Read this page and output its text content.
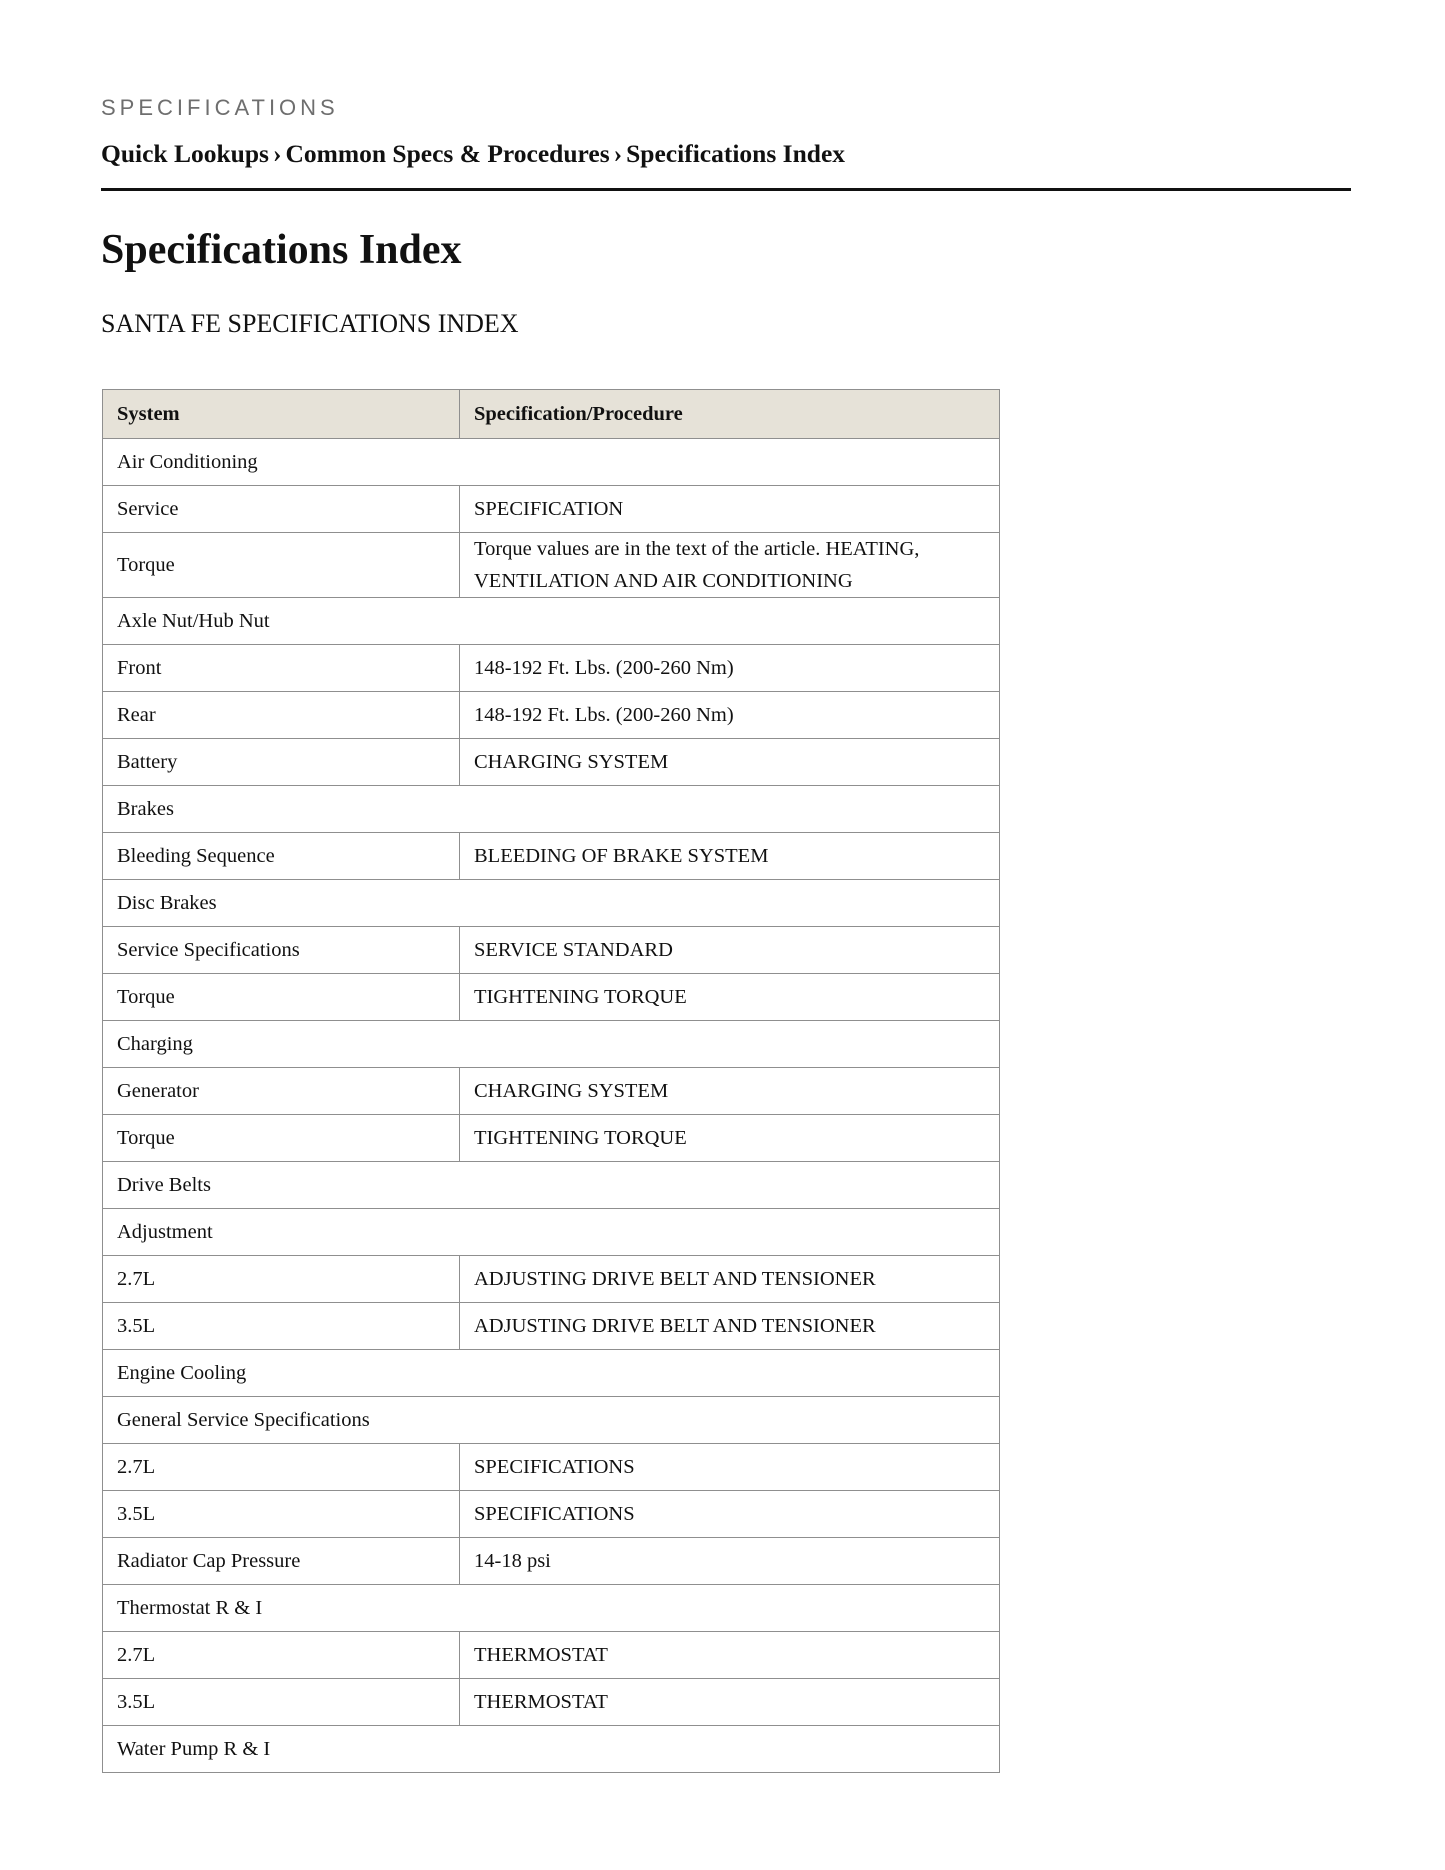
SPECIFICATIONS
Quick Lookups › Common Specs & Procedures › Specifications Index
Specifications Index
SANTA FE SPECIFICATIONS INDEX
System	Specification/Procedure
Air Conditioning	
Service	SPECIFICATION
Torque	Torque values are in the text of the article. HEATING, VENTILATION AND AIR CONDITIONING
Axle Nut/Hub Nut	
Front	148-192 Ft. Lbs. (200-260 Nm)
Rear	148-192 Ft. Lbs. (200-260 Nm)
Battery	CHARGING SYSTEM
Brakes	
Bleeding Sequence	BLEEDING OF BRAKE SYSTEM
Disc Brakes	
Service Specifications	SERVICE STANDARD
Torque	TIGHTENING TORQUE
Charging	
Generator	CHARGING SYSTEM
Torque	TIGHTENING TORQUE
Drive Belts	
Adjustment	
2.7L	ADJUSTING DRIVE BELT AND TENSIONER
3.5L	ADJUSTING DRIVE BELT AND TENSIONER
Engine Cooling	
General Service Specifications	
2.7L	SPECIFICATIONS
3.5L	SPECIFICATIONS
Radiator Cap Pressure	14-18 psi
Thermostat R & I	
2.7L	THERMOSTAT
3.5L	THERMOSTAT
Water Pump R & I	
